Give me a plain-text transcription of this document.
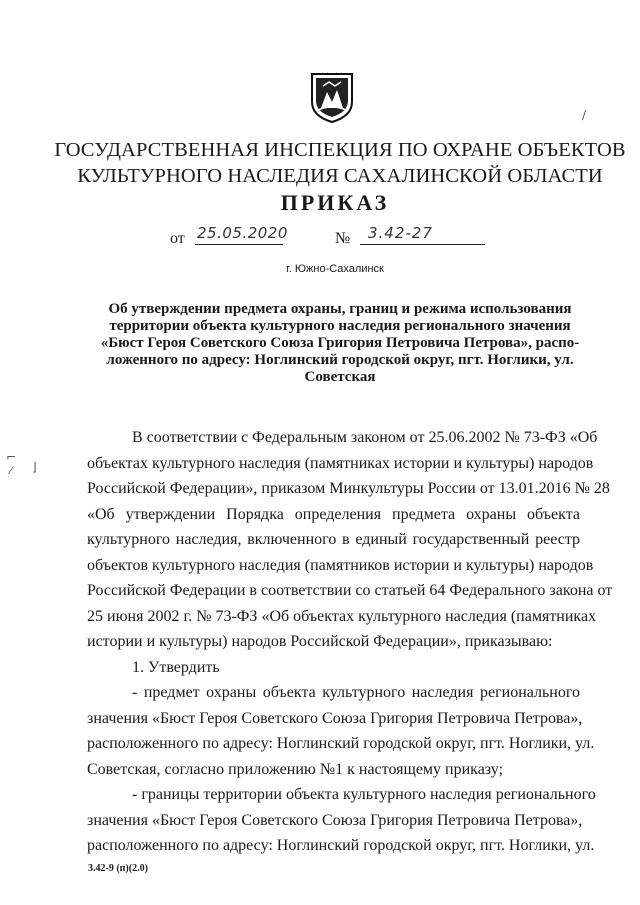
ГОСУДАРСТВЕННАЯ ИНСПЕКЦИЯ ПО ОХРАНЕ ОБЪЕКТОВ
КУЛЬТУРНОГО НАСЛЕДИЯ САХАЛИНСКОЙ ОБЛАСТИ
ПРИКАЗ
от 25.05.2020	№ 3.42-27
г. Южно-Сахалинск
Об утверждении предмета охраны, границ и режима использования
территории объекта культурного наследия регионального значения
«Бюст Героя Советского Союза Григория Петровича Петрова», распо-
ложенного по адресу: Ноглинский городской округ, пгт. Ноглики, ул.
Советская
В соответствии с Федеральным законом от 25.06.2002 № 73-ФЗ «Об
объектах культурного наследия (памятниках истории и культуры) народов
Российской Федерации», приказом Минкультуры России от 13.01.2016 № 28
«Об утверждении Порядка определения предмета охраны объекта
культурного наследия, включенного в единый государственный реестр
объектов культурного наследия (памятников истории и культуры) народов
Российской Федерации в соответствии со статьей 64 Федерального закона от
25 июня 2002 г. № 73-ФЗ «Об объектах культурного наследия (памятниках
истории и культуры) народов Российской Федерации», приказываю:
1. Утвердить
- предмет охраны объекта культурного наследия регионального
значения «Бюст Героя Советского Союза Григория Петровича Петрова»,
расположенного по адресу: Ноглинский городской округ, пгт. Ноглики, ул.
Советская, согласно приложению №1 к настоящему приказу;
- границы территории объекта культурного наследия регионального
значения «Бюст Героя Советского Союза Григория Петровича Петрова»,
расположенного по адресу: Ноглинский городской округ, пгт. Ноглики, ул.
3.42-9 (п)(2.0)
\
⌐
⁄ ⌋
